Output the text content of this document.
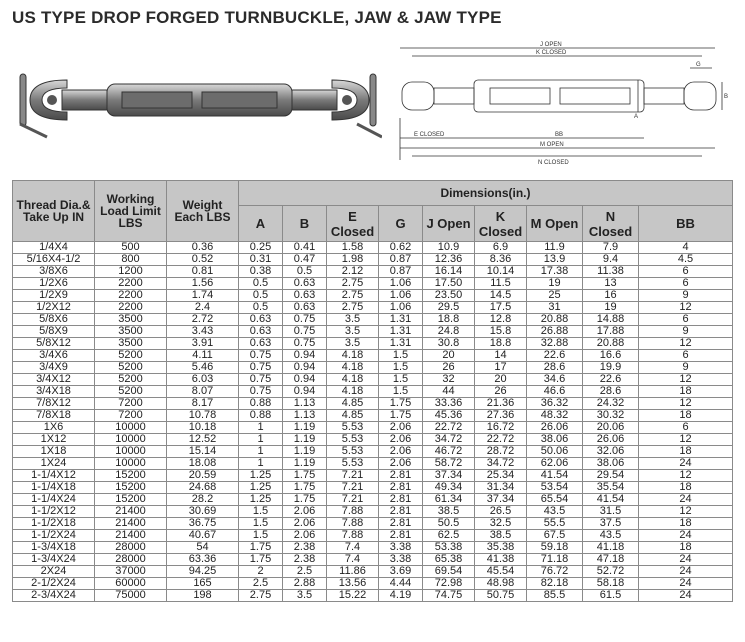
US TYPE DROP FORGED TURNBUCKLE, JAW & JAW TYPE
J OPEN
K CLOSED
G
B
A
E CLOSED	BB
M OPEN
N CLOSED
Thread Dia.& Take Up IN	Working Load Limit LBS	Weight Each LBS	Dimensions(in.)								
			A	B	E Closed	G	J Open	K Closed	M Open	N Closed	BB
1/4X4	500	0.36	0.25	0.41	1.58	0.62	10.9	6.9	11.9	7.9	4
5/16X4-1/2	800	0.52	0.31	0.47	1.98	0.87	12.36	8.36	13.9	9.4	4.5
3/8X6	1200	0.81	0.38	0.5	2.12	0.87	16.14	10.14	17.38	11.38	6
1/2X6	2200	1.56	0.5	0.63	2.75	1.06	17.50	11.5	19	13	6
1/2X9	2200	1.74	0.5	0.63	2.75	1.06	23.50	14.5	25	16	9
1/2X12	2200	2.4	0.5	0.63	2.75	1.06	29.5	17.5	31	19	12
5/8X6	3500	2.72	0.63	0.75	3.5	1.31	18.8	12.8	20.88	14.88	6
5/8X9	3500	3.43	0.63	0.75	3.5	1.31	24.8	15.8	26.88	17.88	9
5/8X12	3500	3.91	0.63	0.75	3.5	1.31	30.8	18.8	32.88	20.88	12
3/4X6	5200	4.11	0.75	0.94	4.18	1.5	20	14	22.6	16.6	6
3/4X9	5200	5.46	0.75	0.94	4.18	1.5	26	17	28.6	19.9	9
3/4X12	5200	6.03	0.75	0.94	4.18	1.5	32	20	34.6	22.6	12
3/4X18	5200	8.07	0.75	0.94	4.18	1.5	44	26	46.6	28.6	18
7/8X12	7200	8.17	0.88	1.13	4.85	1.75	33.36	21.36	36.32	24.32	12
7/8X18	7200	10.78	0.88	1.13	4.85	1.75	45.36	27.36	48.32	30.32	18
1X6	10000	10.18	1	1.19	5.53	2.06	22.72	16.72	26.06	20.06	6
1X12	10000	12.52	1	1.19	5.53	2.06	34.72	22.72	38.06	26.06	12
1X18	10000	15.14	1	1.19	5.53	2.06	46.72	28.72	50.06	32.06	18
1X24	10000	18.08	1	1.19	5.53	2.06	58.72	34.72	62.06	38.06	24
1-1/4X12	15200	20.59	1.25	1.75	7.21	2.81	37.34	25.34	41.54	29.54	12
1-1/4X18	15200	24.68	1.25	1.75	7.21	2.81	49.34	31.34	53.54	35.54	18
1-1/4X24	15200	28.2	1.25	1.75	7.21	2.81	61.34	37.34	65.54	41.54	24
1-1/2X12	21400	30.69	1.5	2.06	7.88	2.81	38.5	26.5	43.5	31.5	12
1-1/2X18	21400	36.75	1.5	2.06	7.88	2.81	50.5	32.5	55.5	37.5	18
1-1/2X24	21400	40.67	1.5	2.06	7.88	2.81	62.5	38.5	67.5	43.5	24
1-3/4X18	28000	54	1.75	2.38	7.4	3.38	53.38	35.38	59.18	41.18	18
1-3/4X24	28000	63.36	1.75	2.38	7.4	3.38	65.38	41.38	71.18	47.18	24
2X24	37000	94.25	2	2.5	11.86	3.69	69.54	45.54	76.72	52.72	24
2-1/2X24	60000	165	2.5	2.88	13.56	4.44	72.98	48.98	82.18	58.18	24
2-3/4X24	75000	198	2.75	3.5	15.22	4.19	74.75	50.75	85.5	61.5	24
